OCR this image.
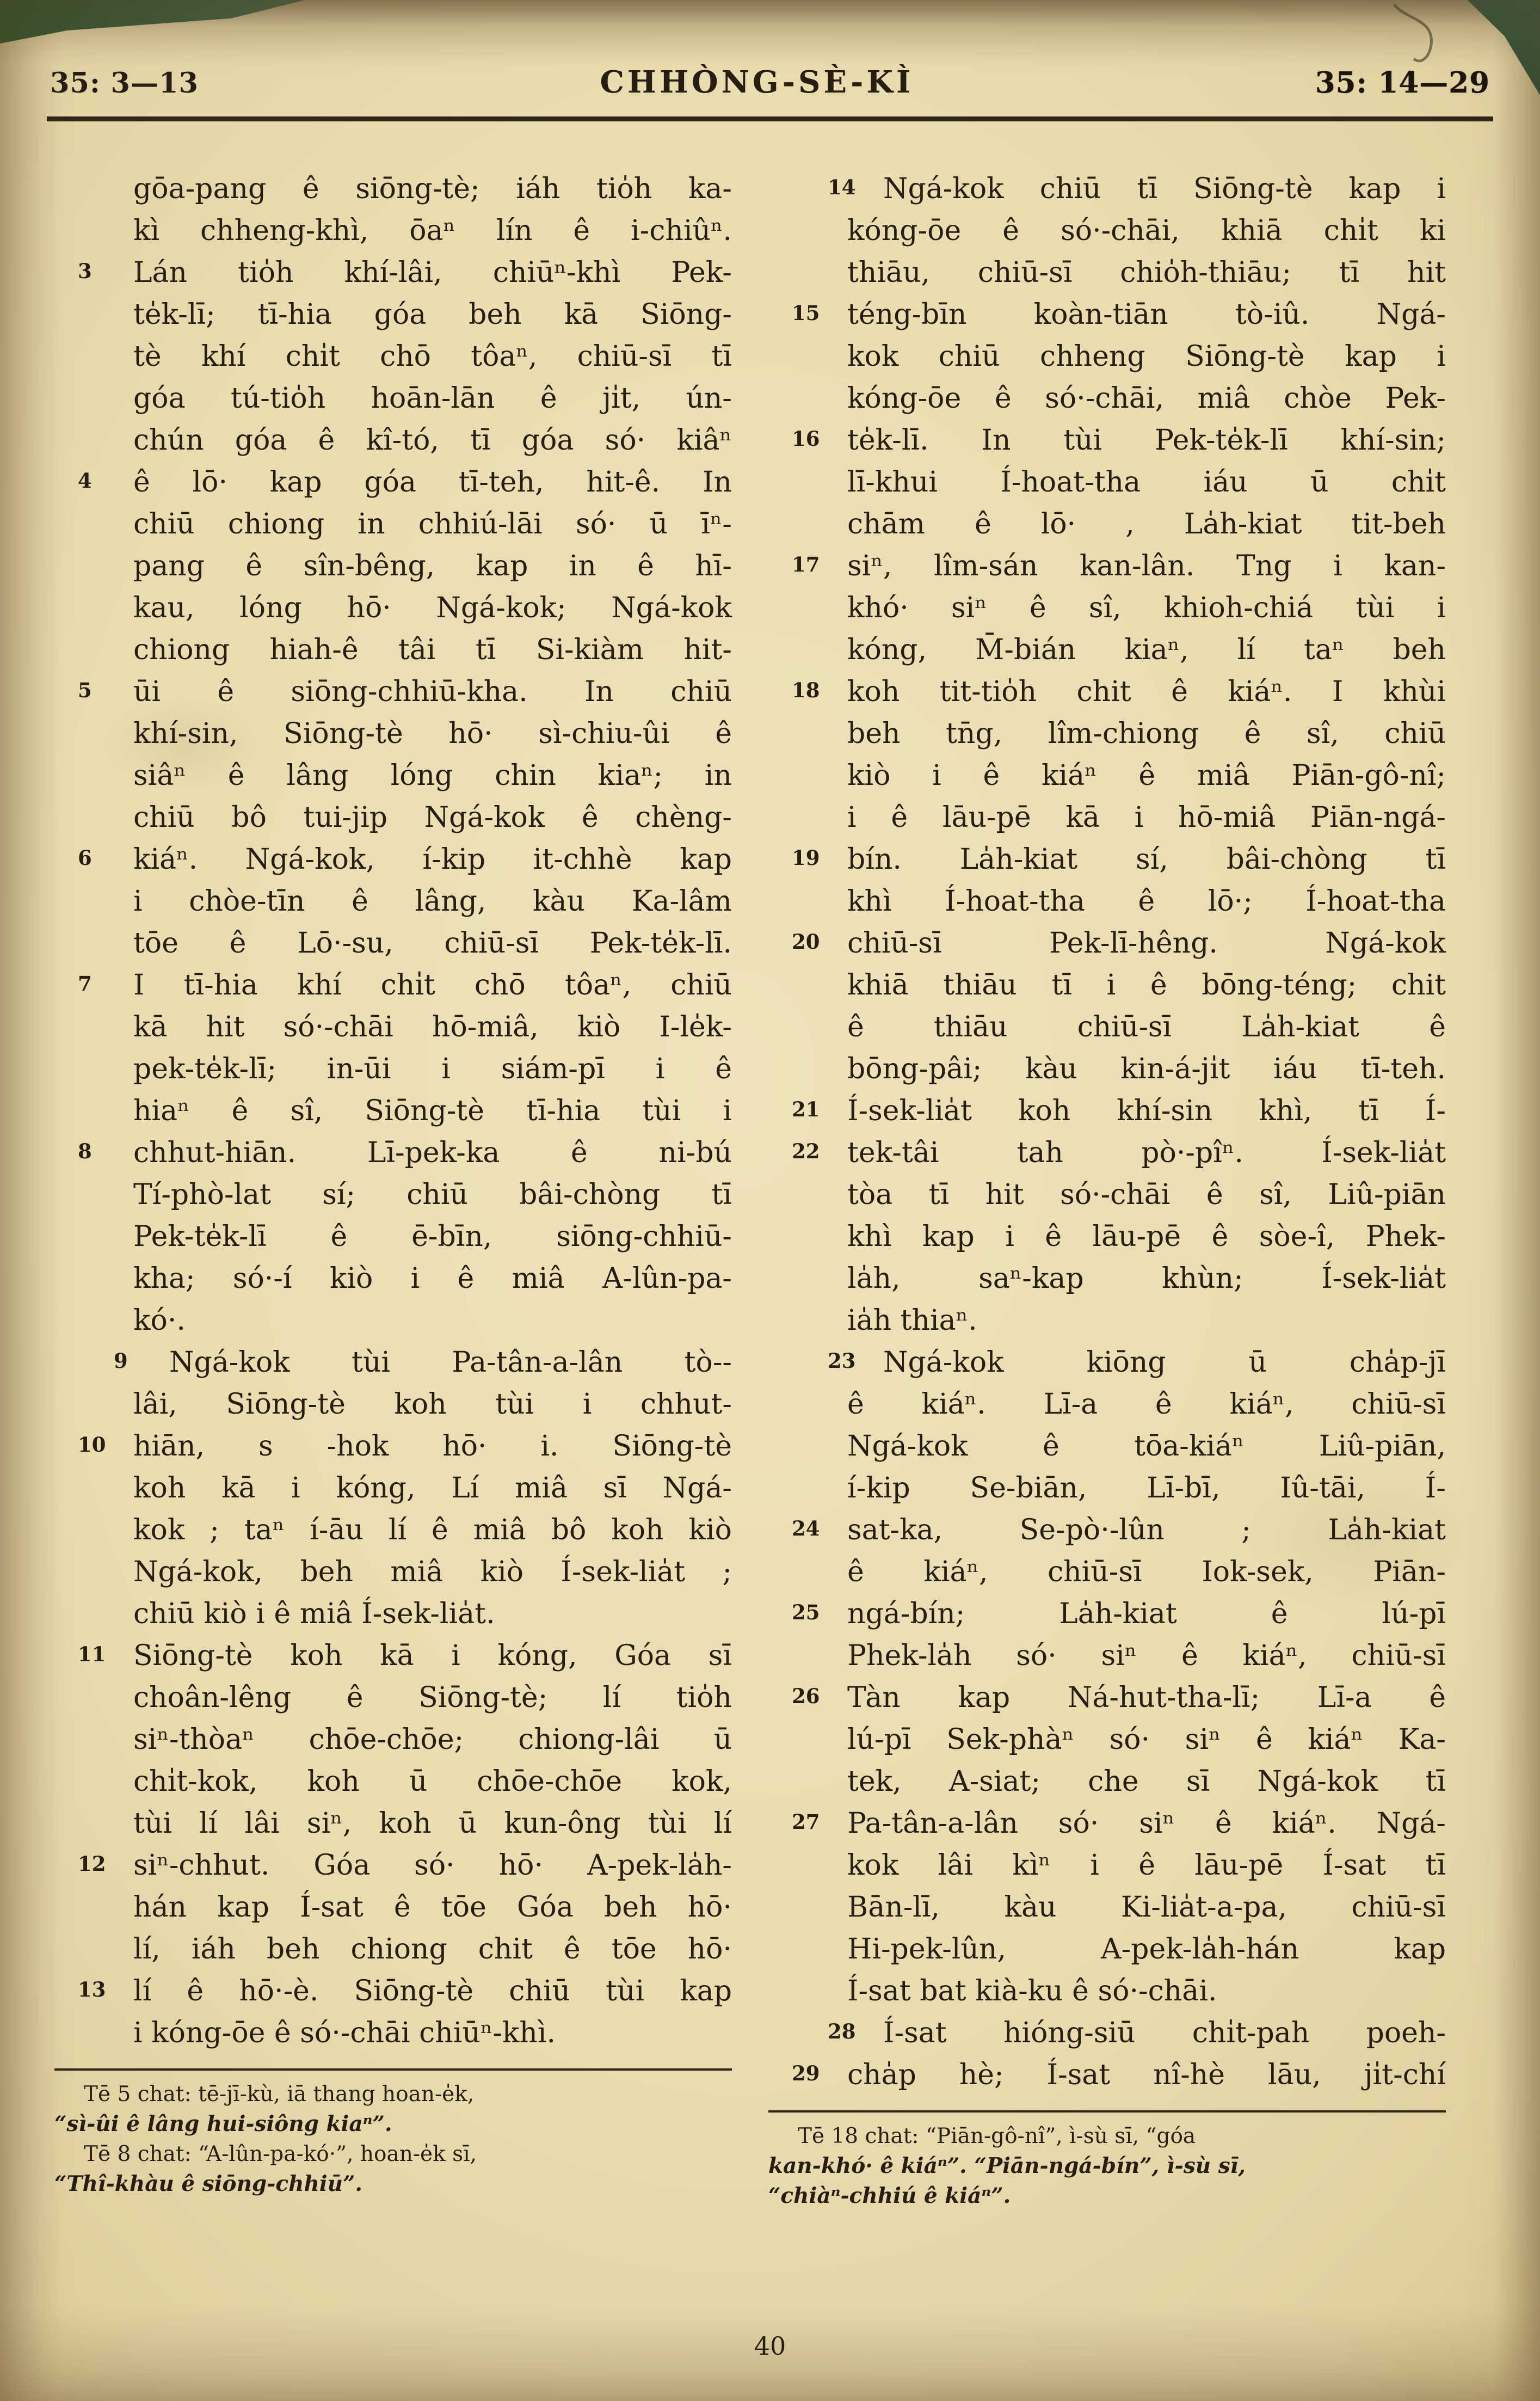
35: 3—13	CHHÒNG-SÈ-KÌ	35: 14—29
gōa-pang ê siōng-tè; iáh tio̍h ka-
kì chheng-khì, ōaⁿ lín ê i-chiûⁿ.
3	Lán tio̍h khí-lâi, chiūⁿ-khì Pek-
te̍k-lī; tī-hia góa beh kā Siōng-
tè khí chi̍t chō tôaⁿ, chiū-sī tī
góa tú-tio̍h hoān-lān ê ji̍t, ún-
chún góa ê kî-tó, tī góa só· kiâⁿ
4	ê lō· kap góa tī-teh, hit-ê. In
chiū chiong in chhiú-lāi só· ū īⁿ-
pang ê sîn-bêng, kap in ê hī-
kau, lóng hō· Ngá-kok; Ngá-kok
chiong hiah-ê tâi tī Si-kiàm hit-
5	ūi ê siōng-chhiū-kha. In chiū
khí-sin, Siōng-tè hō· sì-chiu-ûi ê
siâⁿ ê lâng lóng chin kiaⁿ; in
chiū bô tui-jip Ngá-kok ê chèng-
6	kiáⁿ. Ngá-kok, í-kip it-chhè kap
i chòe-tīn ê lâng, kàu Ka-lâm
tōe ê Lō·-su, chiū-sī Pek-te̍k-lī.
7	I tī-hia khí chi̍t chō tôaⁿ, chiū
kā hit só·-chāi hō-miâ, kiò I-le̍k-
pek-te̍k-lī; in-ūi i siám-pī i ê
hiaⁿ ê sî, Siōng-tè tī-hia tùi i
8	chhut-hiān. Lī-pek-ka ê ni-bú
Tí-phò-lat sí; chiū bâi-chòng tī
Pek-te̍k-lī ê ē-bīn, siōng-chhiū-
kha; só·-í kiò i ê miâ A-lûn-pa-
kó·.
9 Ngá-kok tùi Pa-tân-a-lân tò--
lâi, Siōng-tè koh tùi i chhut-
10 hiān, s -hok hō· i. Siōng-tè
koh kā i kóng, Lí miâ sī Ngá-
kok ; taⁿ í-āu lí ê miâ bô koh kiò
Ngá-kok, beh miâ kiò Í-sek-lia̍t ;
chiū kiò i ê miâ Í-sek-lia̍t.
11 Siōng-tè koh kā i kóng, Góa sī
choân-lêng ê Siōng-tè; lí tio̍h
siⁿ-thòaⁿ chōe-chōe; chiong-lâi ū
chi̍t-kok, koh ū chōe-chōe kok,
tùi lí lâi siⁿ, koh ū kun-ông tùi lí
12 siⁿ-chhut. Góa só· hō· A-pek-la̍h-
hán kap Í-sat ê tōe Góa beh hō·
lí, iáh beh chiong chit ê tōe hō·
13 lí ê hō·-è. Siōng-tè chiū tùi kap
i kóng-ōe ê só·-chāi chiūⁿ-khì.
Tē 5 chat: tē-jī-kù, iā thang hoan-e̍k,
“sì-ûi ê lâng hui-siông kiaⁿ”.
Tē 8 chat: “A-lûn-pa-kó·”, hoan-e̍k sī,
“Thî-khàu ê siōng-chhiū”.
14 Ngá-kok chiū tī Siōng-tè kap i
kóng-ōe ê só·-chāi, khiā chi̍t ki
thiāu, chiū-sī chio̍h-thiāu; tī hit
15 téng-bīn koàn-tiān tò-iû. Ngá-
kok chiū chheng Siōng-tè kap i
kóng-ōe ê só·-chāi, miâ chòe Pek-
16 te̍k-lī. In tùi Pek-te̍k-lī khí-sin;
lī-khui Í-hoat-tha iáu ū chi̍t
chām ê lō· , La̍h-kiat tit-beh
17 siⁿ, lîm-sán kan-lân. Tng i kan-
khó· siⁿ ê sî, khioh-chiá tùi i
kóng, M̄-bián kiaⁿ, lí taⁿ beh
18 koh tit-tio̍h chit ê kiáⁿ. I khùi
beh tn̄g, lîm-chiong ê sî, chiū
kiò i ê kiáⁿ ê miâ Piān-gô-nî;
i ê lāu-pē kā i hō-miâ Piān-ngá-
19 bín. La̍h-kiat sí, bâi-chòng tī
khì Í-hoat-tha ê lō·; Í-hoat-tha
20 chiū-sī Pek-lī-hêng. Ngá-kok
khiā thiāu tī i ê bōng-téng; chit
ê thiāu chiū-sī La̍h-kiat ê
bōng-pâi; kàu kin-á-ji̍t iáu tī-teh.
21 Í-sek-lia̍t koh khí-sin khì, tī Í-
22 tek-tâi tah pò·-pîⁿ. Í-sek-lia̍t
tòa tī hit só·-chāi ê sî, Liû-piān
khì kap i ê lāu-pē ê sòe-î, Phek-
la̍h, saⁿ-kap khùn; Í-sek-lia̍t
ia̍h thiaⁿ.
23 Ngá-kok kiōng ū cha̍p-jī
ê kiáⁿ. Lī-a ê kiáⁿ, chiū-sī
Ngá-kok ê tōa-kiáⁿ Liû-piān,
í-kip Se-biān, Lī-bī, Iû-tāi, Í-
24 sat-ka, Se-pò·-lûn ; La̍h-kiat
ê kiáⁿ, chiū-sī Iok-sek, Piān-
25 ngá-bín; La̍h-kiat ê lú-pī
Phek-la̍h só· siⁿ ê kiáⁿ, chiū-sī
26 Tàn kap Ná-hut-tha-lī; Lī-a ê
lú-pī Sek-phàⁿ só· siⁿ ê kiáⁿ Ka-
tek, A-siat; che sī Ngá-kok tī
27 Pa-tân-a-lân só· siⁿ ê kiáⁿ. Ngá-
kok lâi kìⁿ i ê lāu-pē Í-sat tī
Bān-lī, kàu Ki-lia̍t-a-pa, chiū-sī
Hi-pek-lûn, A-pek-la̍h-hán kap
Í-sat bat kià-ku ê só·-chāi.
28 Í-sat hióng-siū chi̍t-pah poeh-
29 cha̍p hè; Í-sat nî-hè lāu, ji̍t-chí
Tē 18 chat: “Piān-gô-nî”, ì-sù sī, “góa
kan-khó· ê kiáⁿ”. “Piān-ngá-bín”, ì-sù sī,
“chiàⁿ-chhiú ê kiáⁿ”.
40
